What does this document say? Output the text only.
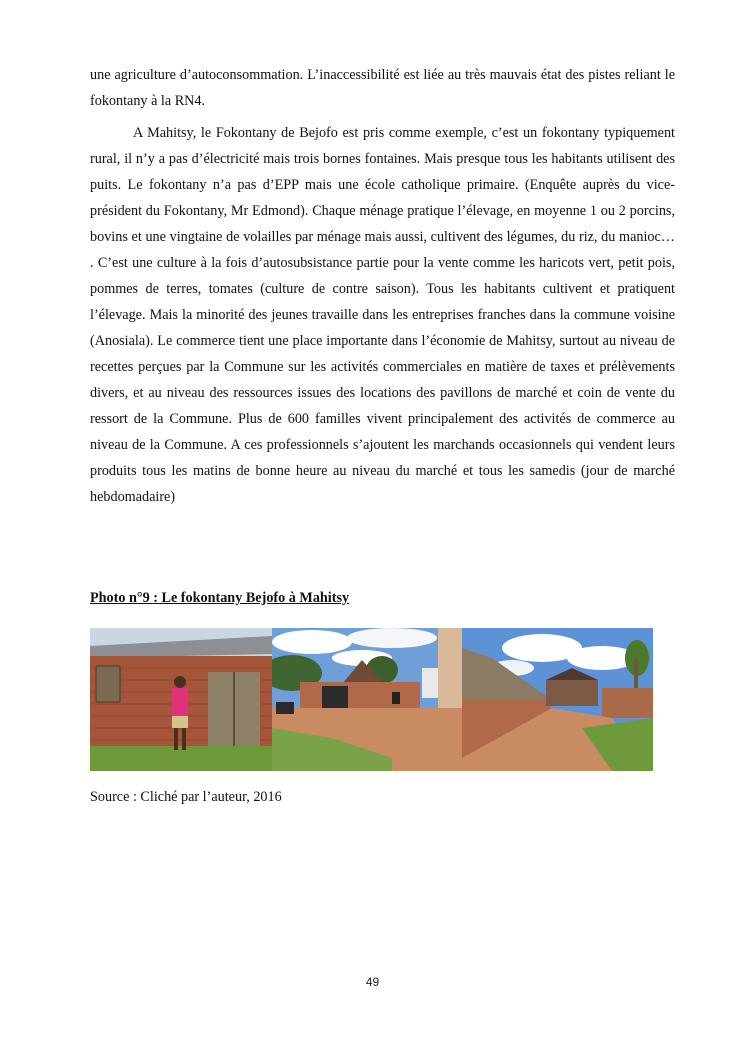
une agriculture d’autoconsommation. L’inaccessibilité est liée au très mauvais état des pistes reliant le fokontany à la RN4.

A Mahitsy, le Fokontany de Bejofo est pris comme exemple, c’est un fokontany typiquement rural, il n’y a pas d’électricité mais trois bornes fontaines. Mais presque tous les habitants utilisent des puits. Le fokontany n’a pas d’EPP mais une école catholique primaire. (Enquête auprès du vice-président du Fokontany, Mr Edmond). Chaque ménage pratique l’élevage, en moyenne 1 ou 2 porcins, bovins et une vingtaine de volailles par ménage mais aussi, cultivent des légumes, du riz, du manioc… . C’est une culture à la fois d’autosubsistance partie pour la vente comme les haricots vert, petit pois, pommes de terres, tomates (culture de contre saison). Tous les habitants cultivent et pratiquent l’élevage. Mais la minorité des jeunes travaille dans les entreprises franches dans la commune voisine (Anosiala). Le commerce tient une place importante dans l’économie de Mahitsy, surtout au niveau de recettes perçues par la Commune sur les activités commerciales en matière de taxes et prélèvements divers, et au niveau des ressources issues des locations des pavillons de marché et coin de vente du ressort de la Commune. Plus de 600 familles vivent principalement des activités de commerce au niveau de la Commune. A ces professionnels s’ajoutent les marchands occasionnels qui vendent leurs produits tous les matins de bonne heure au niveau du marché et tous les samedis (jour de marché hebdomadaire)

Photo n°9 : Le fokontany Bejofo à Mahitsy

Source : Cliché par l’auteur, 2016

49
